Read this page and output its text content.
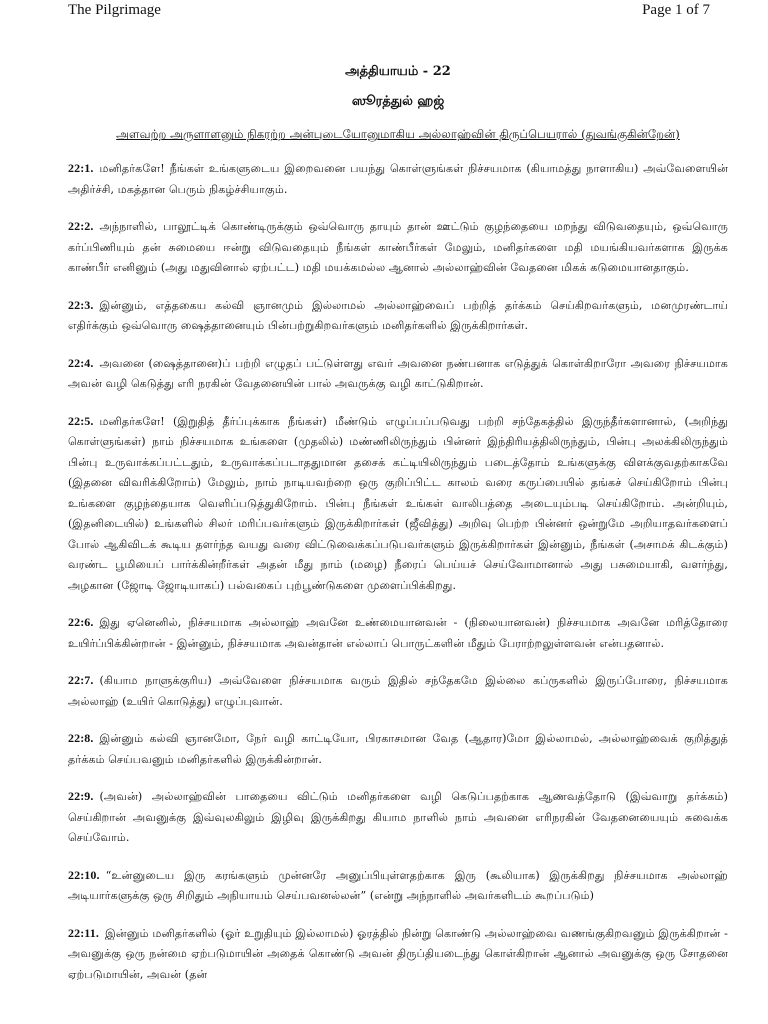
The Pilgrimage	Page 1 of 7
அத்தியாயம் - 22
ஸூரத்துல் ஹஜ்
அளவற்ற அருளாளனும் நிகரற்ற அன்புடையோனுமாகிய அல்லாஹ்வின் திருப்பெயரால் (துவங்குகின்றேன்)

22:1. மனிதர்களே! நீங்கள் உங்களுடைய இறைவனை பயந்து கொள்ளுங்கள் நிச்சயமாக (கியாமத்து நாளாகிய) அவ்வேளையின் அதிர்ச்சி, மகத்தான பெரும் நிகழ்ச்சியாகும்.

22:2. அந்நாளில், பாலூட்டிக் கொண்டிருக்கும் ஒவ்வொரு தாயும் தான் ஊட்டும் குழந்தையை மறந்து விடுவதையும், ஒவ்வொரு கர்ப்பிணியும் தன் சுமையை ஈன்று விடுவதையும் நீங்கள் காண்பீர்கள் மேலும், மனிதர்களை மதி மயங்கியவர்களாக இருக்க காண்பீர் எனினும் (அது மதுவினால் ஏற்பட்ட) மதி மயக்கமல்ல ஆனால் அல்லாஹ்வின் வேதனை மிகக் கடுமையானதாகும்.

22:3. இன்னும், எத்தகைய கல்வி ஞானமும் இல்லாமல் அல்லாஹ்வைப் பற்றித் தர்க்கம் செய்கிறவர்களும், மனமுரண்டாய் எதிர்க்கும் ஒவ்வொரு ஷைத்தானையும் பின்பற்றுகிறவர்களும் மனிதர்களில் இருக்கிறார்கள்.

22:4. அவனை (ஷைத்தானை)ப் பற்றி எழுதப் பட்டுள்ளது எவர் அவனை நண்பனாக எடுத்துக் கொள்கிறாரோ அவரை நிச்சயமாக அவன் வழி கெடுத்து எரி நரகின் வேதனையின் பால் அவருக்கு வழி காட்டுகிறான்.

22:5. மனிதர்களே! (இறுதித் தீர்ப்புக்காக நீங்கள்) மீண்டும் எழுப்பப்படுவது பற்றி சந்தேகத்தில் இருந்தீர்களானால், (அறிந்து கொள்ளுங்கள்) நாம் நிச்சயமாக உங்களை (முதலில்) மண்ணிலிருந்தும் பின்னர் இந்திரியத்திலிருந்தும், பின்பு அலக்கிலிருந்தும் பின்பு உருவாக்கப்பட்டதும், உருவாக்கப்படாததுமான தசைக் கட்டியிலிருந்தும் படைத்தோம் உங்களுக்கு விளக்குவதற்காகவே (இதனை விவரிக்கிறோம்) மேலும், நாம் நாடியவற்றை ஒரு குறிப்பிட்ட காலம் வரை கருப்பையில் தங்கச் செய்கிறோம் பின்பு உங்களை குழந்தையாக வெளிப்படுத்துகிறோம். பின்பு நீங்கள் உங்கள் வாலிபத்தை அடையும்படி செய்கிறோம். அன்றியும், (இதனிடையில்) உங்களில் சிலர் மரிப்பவர்களும் இருக்கிறார்கள் (ஜீவித்து) அறிவு பெற்ற பின்னர் ஒன்றுமே அறியாதவர்களைப் போல் ஆகிவிடக் கூடிய தளர்ந்த வயது வரை விட்டுவைக்கப்படுபவர்களும் இருக்கிறார்கள் இன்னும், நீங்கள் (அசாமக் கிடக்கும்) வரண்ட பூமியைப் பார்க்கின்றீர்கள் அதன் மீது நாம் (மழை) நீரைப் பெய்யச் செய்வோமானால் அது பசுமையாகி, வளர்ந்து, அழகான (ஜோடி ஜோடியாகப்) பல்வகைப் புற்பூண்டுகளை முளைப்பிக்கிறது.

22:6. இது ஏனெனில், நிச்சயமாக அல்லாஹ் அவனே உண்மையானவன் - (நிலையானவன்) நிச்சயமாக அவனே மரித்தோரை உயிர்ப்பிக்கின்றான் - இன்னும், நிச்சயமாக அவன்தான் எல்லாப் பொருட்களின் மீதும் பேராற்றலுள்ளவன் என்பதனால்.

22:7. (கியாம நாளுக்குரிய) அவ்வேளை நிச்சயமாக வரும் இதில் சந்தேகமே இல்லை கப்ருகளில் இருப்போரை, நிச்சயமாக அல்லாஹ் (உயிர் கொடுத்து) எழுப்புவான்.

22:8. இன்னும் கல்வி ஞானமோ, நேர் வழி காட்டியோ, பிரகாசமான வேத (ஆதார)மோ இல்லாமல், அல்லாஹ்வைக் குறித்துத் தர்க்கம் செய்பவனும் மனிதர்களில் இருக்கின்றான்.

22:9. (அவன்) அல்லாஹ்வின் பாதையை விட்டும் மனிதர்களை வழி கெடுப்பதற்காக ஆணவத்தோடு (இவ்வாறு தர்க்கம்) செய்கிறான் அவனுக்கு இவ்வுலகிலும் இழிவு இருக்கிறது கியாம நாளில் நாம் அவனை எரிநரகின் வேதனையையும் சுவைக்க செய்வோம்.

22:10. “உன்னுடைய இரு கரங்களும் முன்னரே அனுப்பியுள்ளதற்காக இரு (கூலியாக) இருக்கிறது நிச்சயமாக அல்லாஹ் அடியார்களுக்கு ஒரு சிறிதும் அநியாயம் செய்பவனல்லன்” (என்று அந்நாளில் அவர்களிடம் கூறப்படும்)

22:11. இன்னும் மனிதர்களில் (ஓர் உறுதியும் இல்லாமல்) ஓரத்தில் நின்று கொண்டு அல்லாஹ்வை வணங்குகிறவனும் இருக்கிறான் - அவனுக்கு ஒரு நன்மை ஏற்படுமாயின் அதைக் கொண்டு அவன் திருப்தியடைந்து கொள்கிறான் ஆனால் அவனுக்கு ஒரு சோதனை ஏற்படுமாயின், அவன் (தன்
